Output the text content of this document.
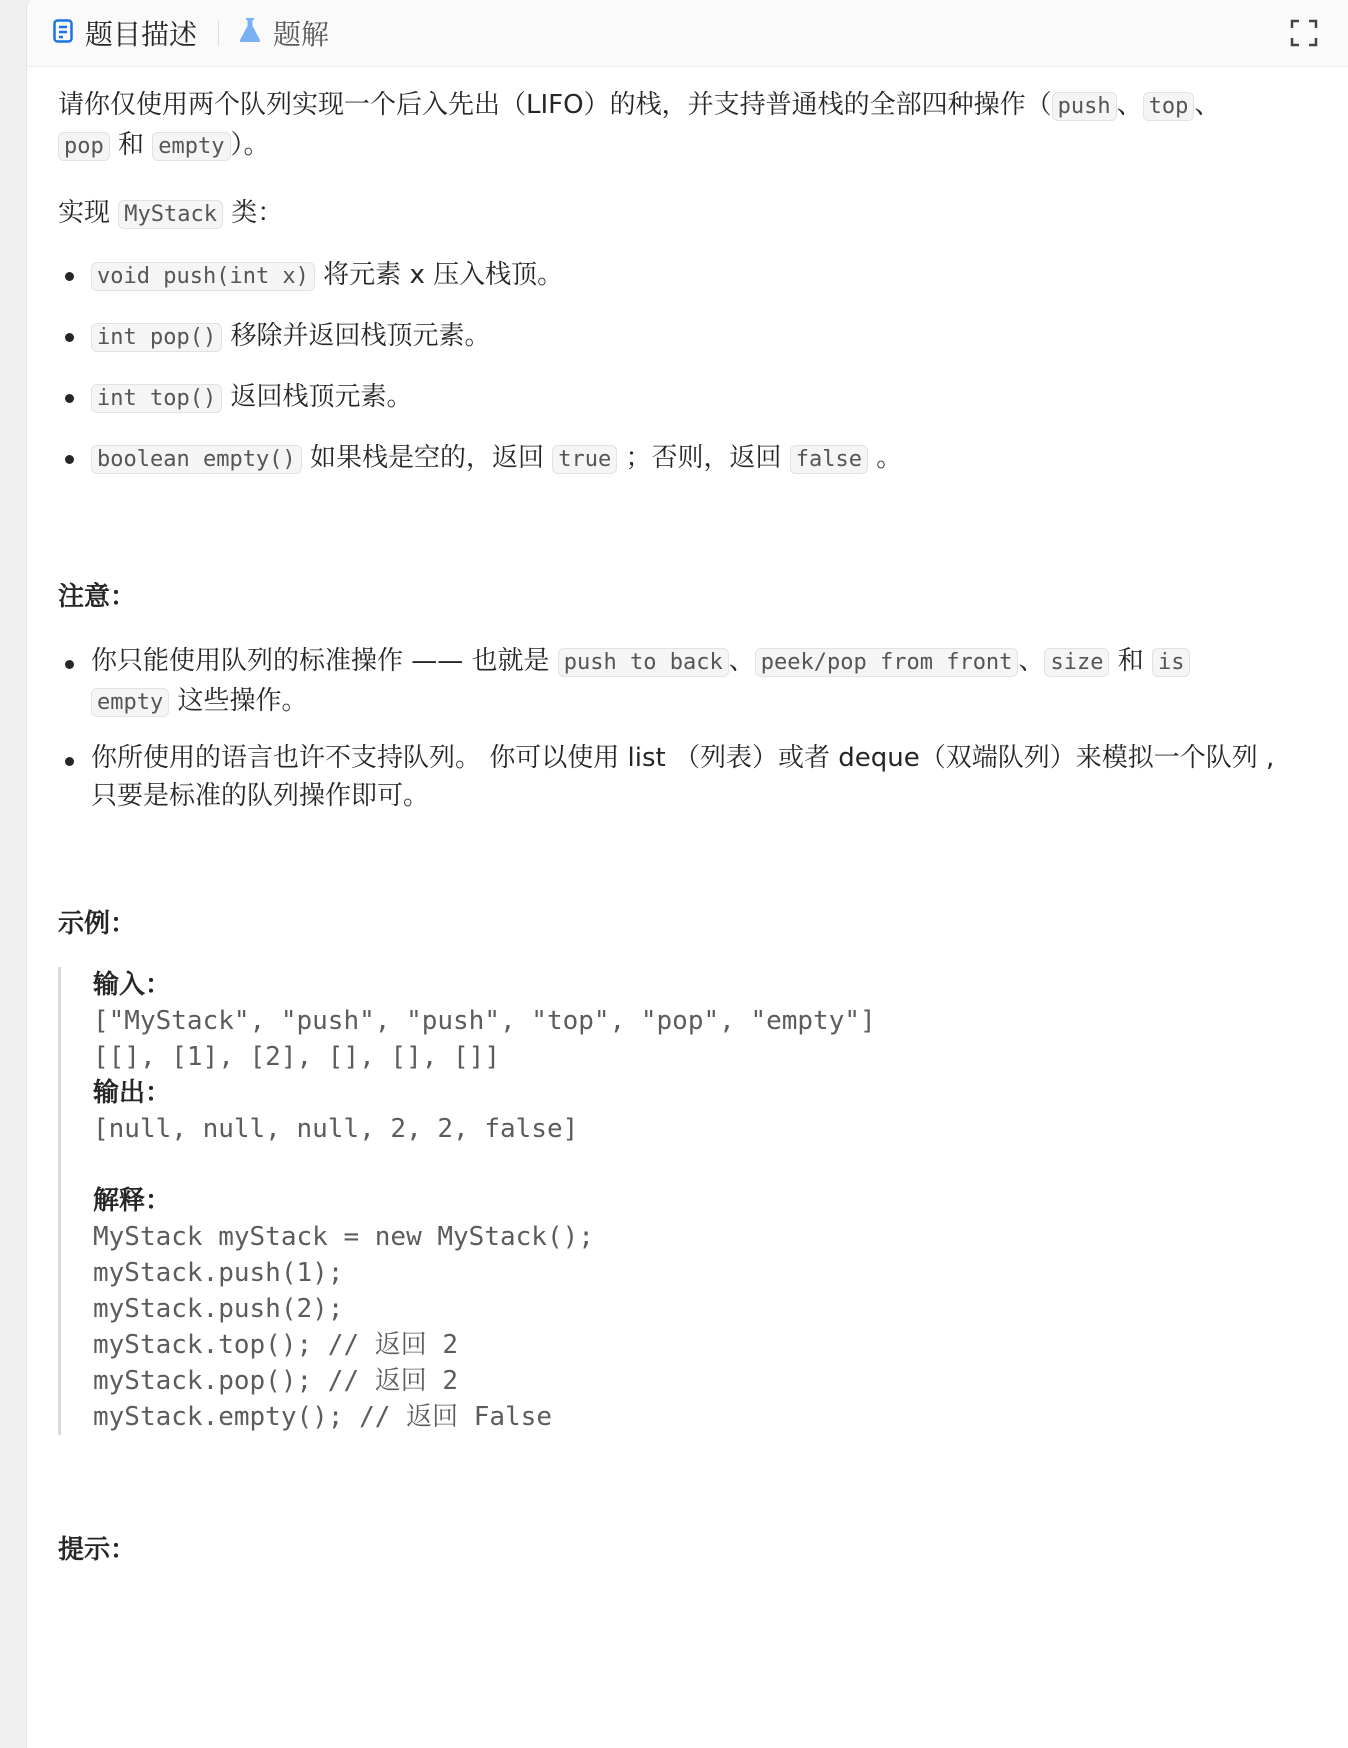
题目描述	题解

请你仅使用两个队列实现一个后入先出（LIFO）的栈，并支持普通栈的全部四种操作（ push 、 top 、
pop 和 empty ）。

实现 MyStack 类：

void push(int x) 将元素 x 压入栈顶。
int pop() 移除并返回栈顶元素。
int top() 返回栈顶元素。
boolean empty() 如果栈是空的，返回 true ；否则，返回 false 。

注意：

你只能使用队列的标准操作 —— 也就是 push to back 、 peek/pop from front 、 size 和 is
empty 这些操作。
你所使用的语言也许不支持队列。 你可以使用 list （列表）或者 deque（双端队列）来模拟一个队列 , 只要是标准的队列操作即可。

示例：

输入：
["MyStack", "push", "push", "top", "pop", "empty"]
[[], [1], [2], [], [], []]
输出：
[null, null, null, 2, 2, false]
解释：
MyStack myStack = new MyStack();
myStack.push(1);
myStack.push(2);
myStack.top(); // 返回 2
myStack.pop(); // 返回 2
myStack.empty(); // 返回 False

提示：
